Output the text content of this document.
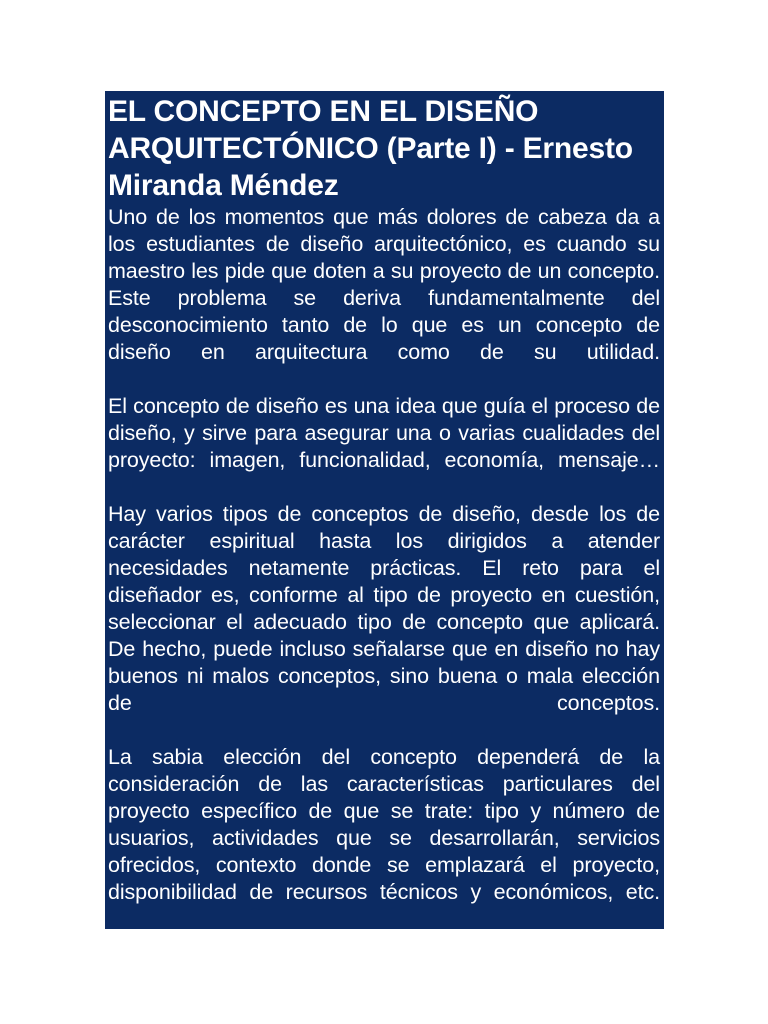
EL CONCEPTO EN EL DISEÑO ARQUITECTÓNICO (Parte I) - Ernesto Miranda Méndez

Uno de los momentos que más dolores de cabeza da a los estudiantes de diseño arquitectónico, es cuando su maestro les pide que doten a su proyecto de un concepto. Este problema se deriva fundamentalmente del desconocimiento tanto de lo que es un concepto de diseño en arquitectura como de su utilidad.

El concepto de diseño es una idea que guía el proceso de diseño, y sirve para asegurar una o varias cualidades del proyecto: imagen, funcionalidad, economía, mensaje…

Hay varios tipos de conceptos de diseño, desde los de carácter espiritual hasta los dirigidos a atender necesidades netamente prácticas. El reto para el diseñador es, conforme al tipo de proyecto en cuestión, seleccionar el adecuado tipo de concepto que aplicará. De hecho, puede incluso señalarse que en diseño no hay buenos ni malos conceptos, sino buena o mala elección de conceptos.

La sabia elección del concepto dependerá de la consideración de las características particulares del proyecto específico de que se trate: tipo y número de usuarios, actividades que se desarrollarán, servicios ofrecidos, contexto donde se emplazará el proyecto, disponibilidad de recursos técnicos y económicos, etc.
